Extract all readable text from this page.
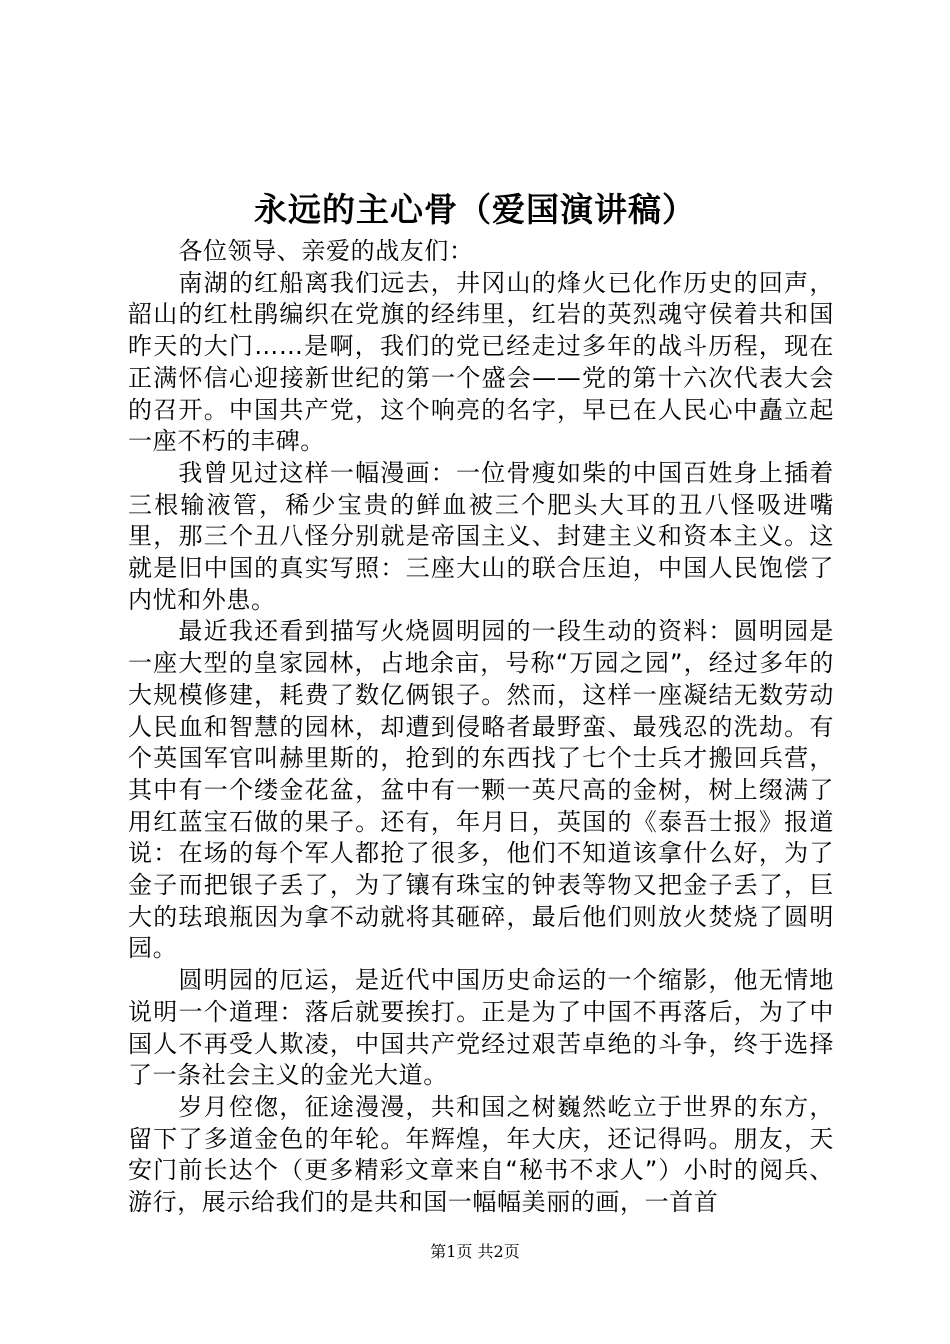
永远的主心骨（爱国演讲稿）

各位领导、亲爱的战友们：

南湖的红船离我们远去，井冈山的烽火已化作历史的回声，韶山的红杜鹃编织在党旗的经纬里，红岩的英烈魂守侯着共和国昨天的大门……是啊，我们的党已经走过多年的战斗历程，现在正满怀信心迎接新世纪的第一个盛会——党的第十六次代表大会的召开。中国共产党，这个响亮的名字，早已在人民心中矗立起一座不朽的丰碑。

我曾见过这样一幅漫画：一位骨瘦如柴的中国百姓身上插着三根输液管，稀少宝贵的鲜血被三个肥头大耳的丑八怪吸进嘴里，那三个丑八怪分别就是帝国主义、封建主义和资本主义。这就是旧中国的真实写照：三座大山的联合压迫，中国人民饱偿了内忧和外患。

最近我还看到描写火烧圆明园的一段生动的资料：圆明园是一座大型的皇家园林，占地余亩，号称“万园之园”，经过多年的大规模修建，耗费了数亿俩银子。然而，这样一座凝结无数劳动人民血和智慧的园林，却遭到侵略者最野蛮、最残忍的洗劫。有个英国军官叫赫里斯的，抢到的东西找了七个士兵才搬回兵营，其中有一个缕金花盆，盆中有一颗一英尺高的金树，树上缀满了用红蓝宝石做的果子。还有，年月日，英国的《泰吾士报》报道说：在场的每个军人都抢了很多，他们不知道该拿什么好，为了金子而把银子丢了，为了镶有珠宝的钟表等物又把金子丢了，巨大的珐琅瓶因为拿不动就将其砸碎，最后他们则放火焚烧了圆明园。

圆明园的厄运，是近代中国历史命运的一个缩影，他无情地说明一个道理：落后就要挨打。正是为了中国不再落后，为了中国人不再受人欺凌，中国共产党经过艰苦卓绝的斗争，终于选择了一条社会主义的金光大道。

岁月倥偬，征途漫漫，共和国之树巍然屹立于世界的东方，留下了多道金色的年轮。年辉煌，年大庆，还记得吗。朋友，天安门前长达个（更多精彩文章来自“秘书不求人”）小时的阅兵、游行，展示给我们的是共和国一幅幅美丽的画，一首首

第1页 共2页
